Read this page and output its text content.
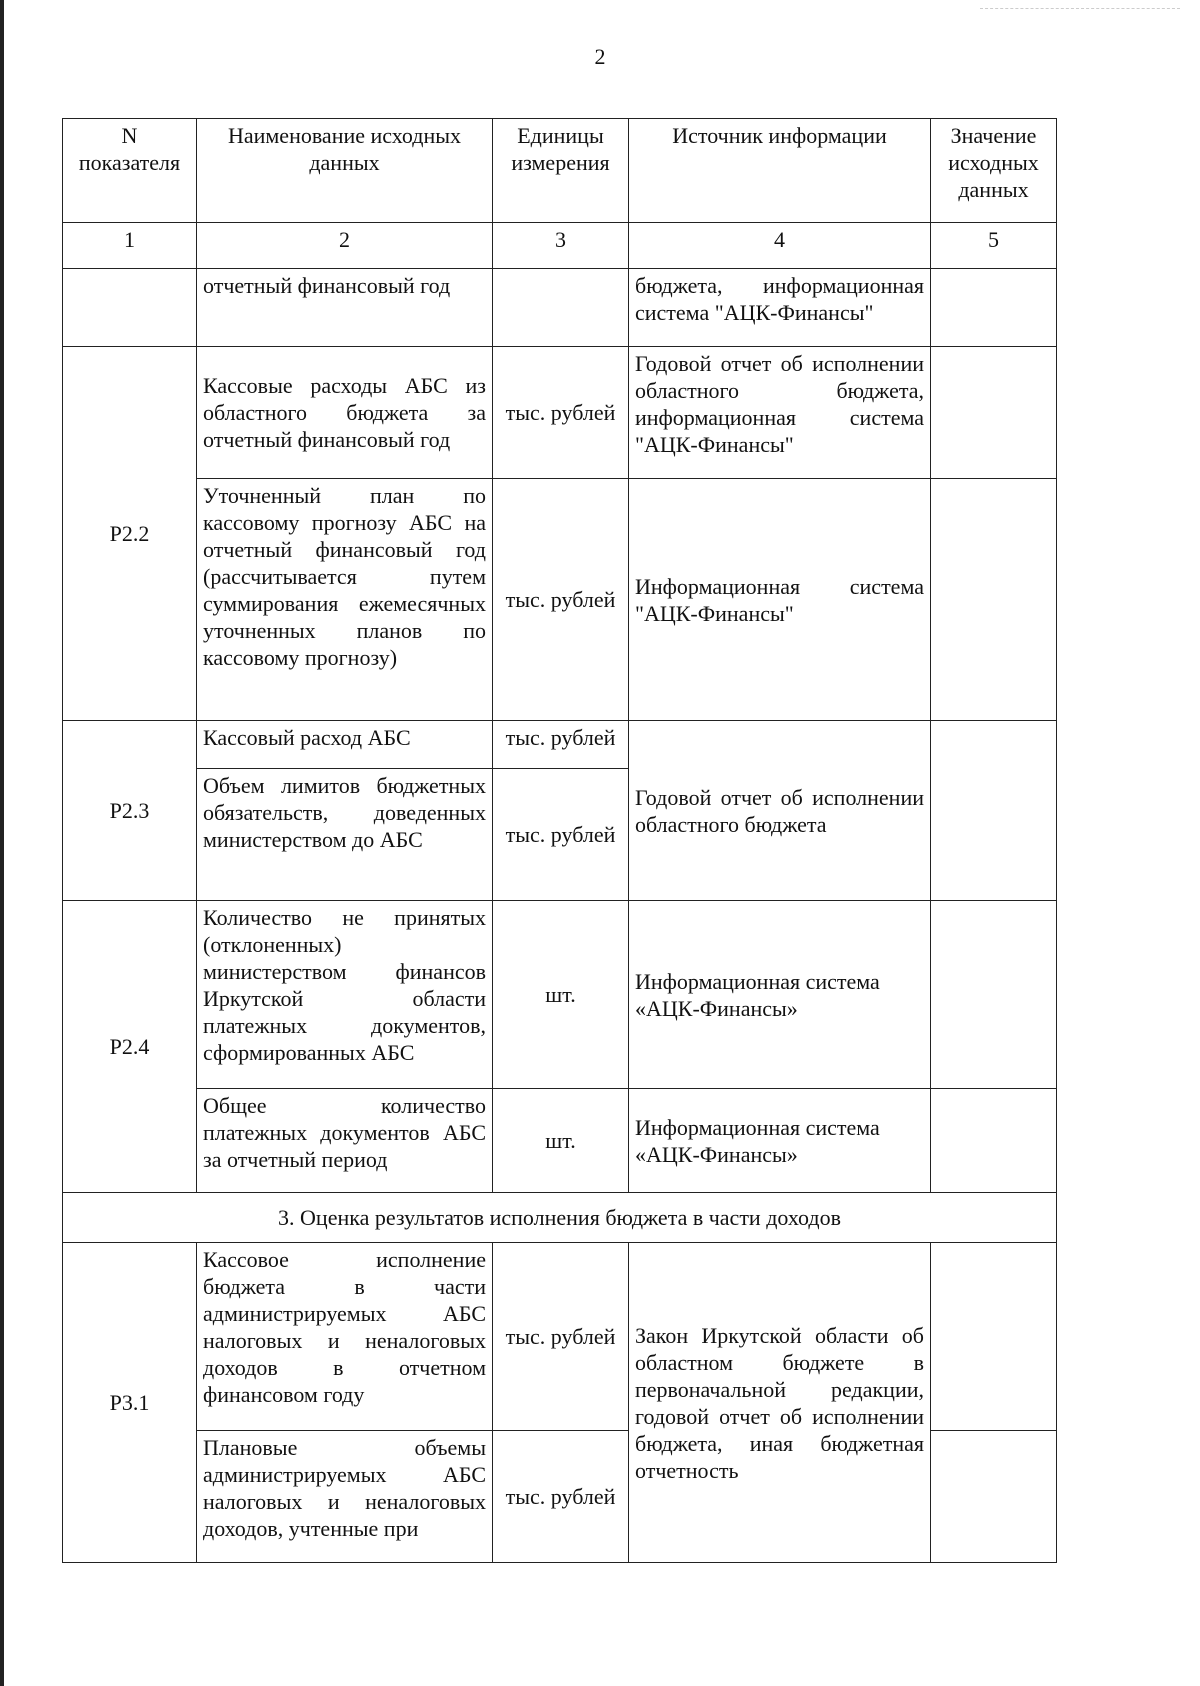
2
N показателя	Наименование исходных данных	Единицы измерения	Источник информации	Значение исходных данных
1	2	3	4	5
	отчетный финансовый год		бюджета, информационная система "АЦК-Финансы"	
Р2.2	Кассовые расходы АБС из областного бюджета за отчетный финансовый год	тыс. рублей	Годовой отчет об исполнении областного бюджета, информационная система "АЦК-Финансы"	
	Уточненный план по кассовому прогнозу АБС на отчетный финансовый год (рассчитывается путем суммирования ежемесячных уточненных планов по кассовому прогнозу)	тыс. рублей	Информационная система "АЦК-Финансы"	
Р2.3	Кассовый расход АБС	тыс. рублей	Годовой отчет об исполнении областного бюджета	
	Объем лимитов бюджетных обязательств, доведенных министерством до АБС	тыс. рублей		
Р2.4	Количество не принятых (отклоненных) министерством финансов Иркутской области платежных документов, сформированных АБС	шт.	Информационная система «АЦК-Финансы»	
	Общее количество платежных документов АБС за отчетный период	шт.	Информационная система «АЦК-Финансы»	
3. Оценка результатов исполнения бюджета в части доходов				
Р3.1	Кассовое исполнение бюджета в части администрируемых АБС налоговых и неналоговых доходов в отчетном финансовом году	тыс. рублей	Закон Иркутской области об областном бюджете в первоначальной редакции, годовой отчет об исполнении бюджета, иная бюджетная отчетность	
	Плановые объемы администрируемых АБС налоговых и неналоговых доходов, учтенные при	тыс. рублей		
